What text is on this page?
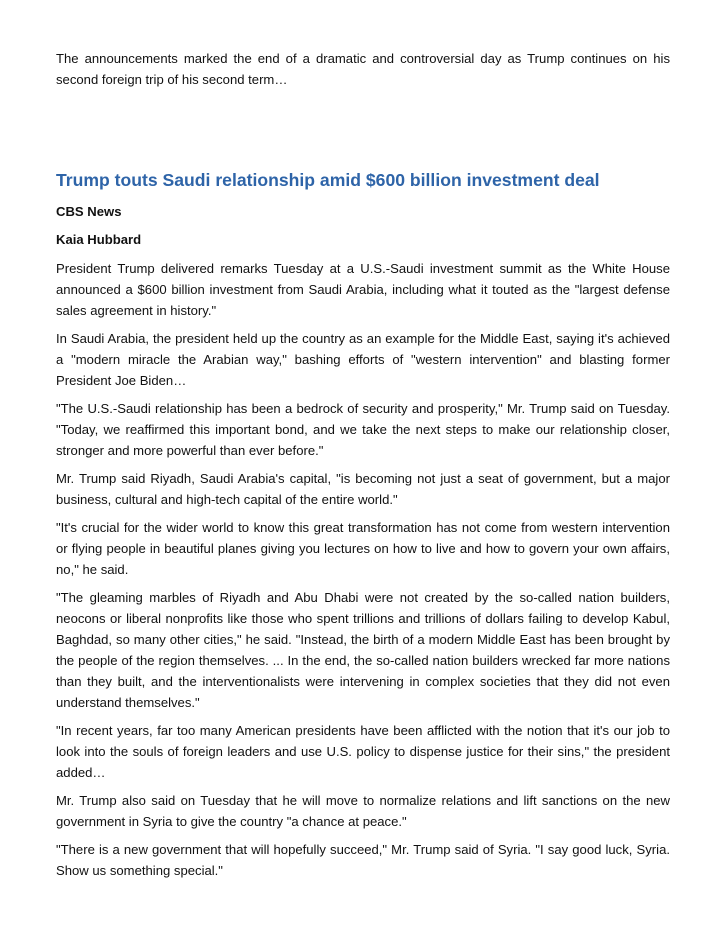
The announcements marked the end of a dramatic and controversial day as Trump continues on his second foreign trip of his second term…

Trump touts Saudi relationship amid $600 billion investment deal

CBS News

Kaia Hubbard

President Trump delivered remarks Tuesday at a U.S.-Saudi investment summit as the White House announced a $600 billion investment from Saudi Arabia, including what it touted as the "largest defense sales agreement in history."

In Saudi Arabia, the president held up the country as an example for the Middle East, saying it's achieved a "modern miracle the Arabian way," bashing efforts of "western intervention" and blasting former President Joe Biden…

"The U.S.-Saudi relationship has been a bedrock of security and prosperity," Mr. Trump said on Tuesday. "Today, we reaffirmed this important bond, and we take the next steps to make our relationship closer, stronger and more powerful than ever before."

Mr. Trump said Riyadh, Saudi Arabia's capital, "is becoming not just a seat of government, but a major business, cultural and high-tech capital of the entire world."

"It's crucial for the wider world to know this great transformation has not come from western intervention or flying people in beautiful planes giving you lectures on how to live and how to govern your own affairs, no," he said.

"The gleaming marbles of Riyadh and Abu Dhabi were not created by the so-called nation builders, neocons or liberal nonprofits like those who spent trillions and trillions of dollars failing to develop Kabul, Baghdad, so many other cities," he said. "Instead, the birth of a modern Middle East has been brought by the people of the region themselves. ... In the end, the so-called nation builders wrecked far more nations than they built, and the interventionalists were intervening in complex societies that they did not even understand themselves."

"In recent years, far too many American presidents have been afflicted with the notion that it's our job to look into the souls of foreign leaders and use U.S. policy to dispense justice for their sins," the president added…

Mr. Trump also said on Tuesday that he will move to normalize relations and lift sanctions on the new government in Syria to give the country "a chance at peace."

"There is a new government that will hopefully succeed," Mr. Trump said of Syria. "I say good luck, Syria. Show us something special."
